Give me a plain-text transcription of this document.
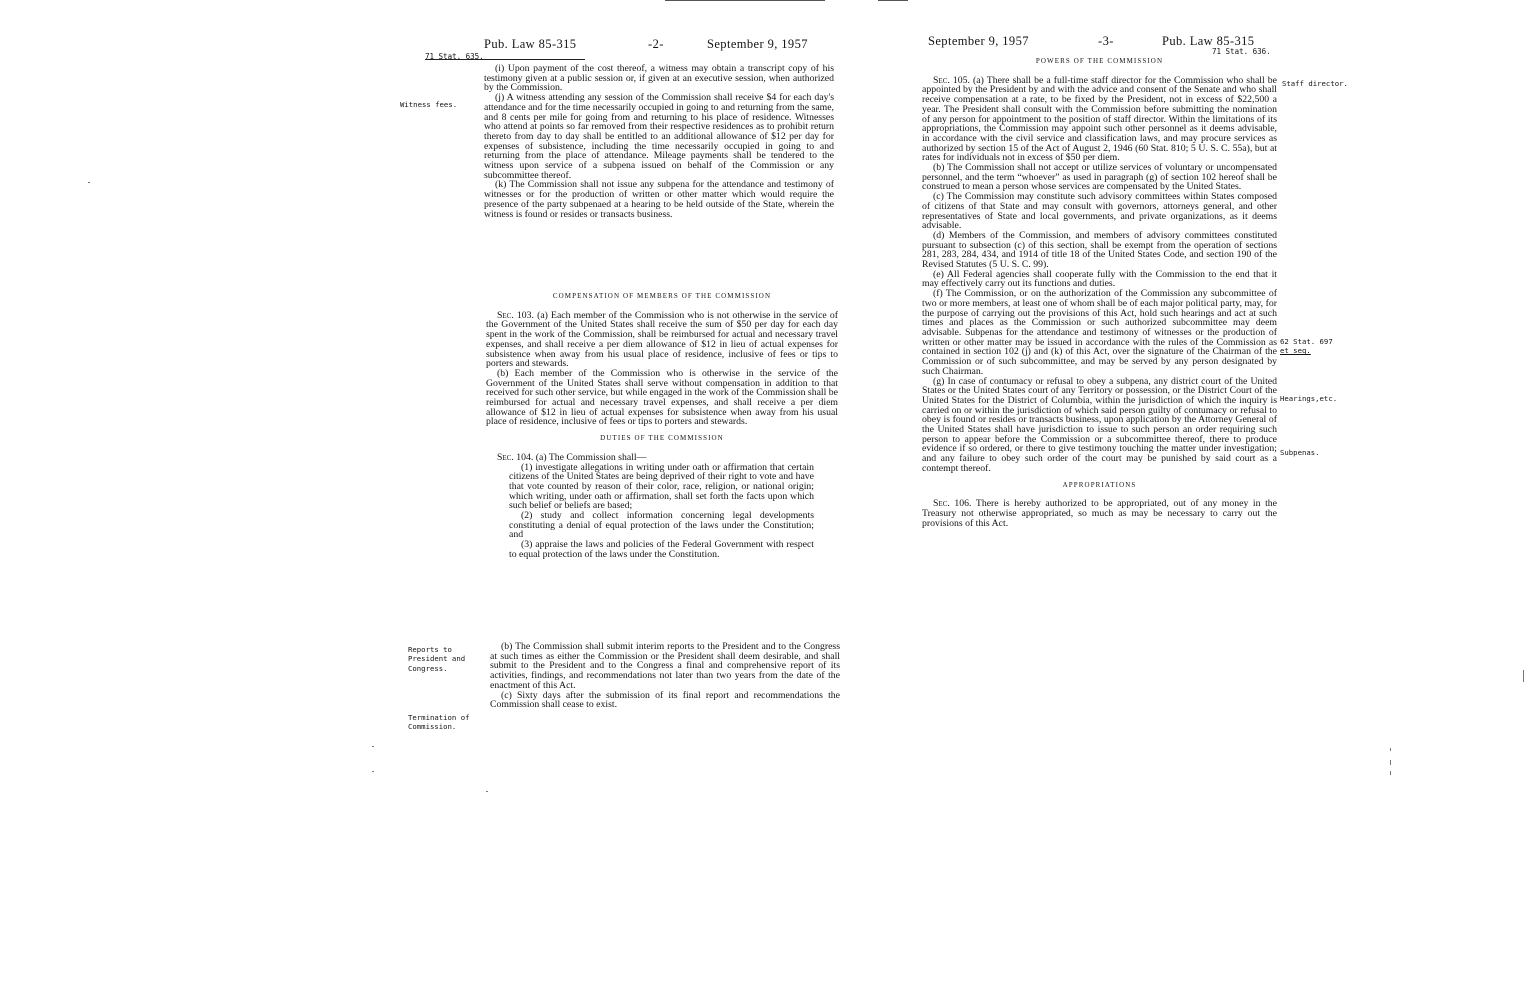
Pub. Law 85-315	-2-	September 9, 1957
71 Stat. 635.
Witness fees.
Reports to
President and
Congress.
Termination of
Commission.

(i) Upon payment of the cost thereof, a witness may obtain a transcript copy of his testimony given at a public session or, if given at an executive session, when authorized by the Commission.

(j) A witness attending any session of the Commission shall receive $4 for each day's attendance and for the time necessarily occupied in going to and returning from the same, and 8 cents per mile for going from and returning to his place of residence. Witnesses who attend at points so far removed from their respective residences as to prohibit return thereto from day to day shall be entitled to an additional allowance of $12 per day for expenses of subsistence, including the time necessarily occupied in going to and returning from the place of attendance. Mileage payments shall be tendered to the witness upon service of a subpena issued on behalf of the Commission or any subcommittee thereof.

(k) The Commission shall not issue any subpena for the attendance and testimony of witnesses or for the production of written or other matter which would require the presence of the party subpenaed at a hearing to be held outside of the State, wherein the witness is found or resides or transacts business.

COMPENSATION OF MEMBERS OF THE COMMISSION

Sec. 103. (a) Each member of the Commission who is not otherwise in the service of the Government of the United States shall receive the sum of $50 per day for each day spent in the work of the Commission, shall be reimbursed for actual and necessary travel expenses, and shall receive a per diem allowance of $12 in lieu of actual expenses for subsistence when away from his usual place of residence, inclusive of fees or tips to porters and stewards.

(b) Each member of the Commission who is otherwise in the service of the Government of the United States shall serve without compensation in addition to that received for such other service, but while engaged in the work of the Commission shall be reimbursed for actual and necessary travel expenses, and shall receive a per diem allowance of $12 in lieu of actual expenses for subsistence when away from his usual place of residence, inclusive of fees or tips to porters and stewards.

DUTIES OF THE COMMISSION

Sec. 104. (a) The Commission shall—

(1) investigate allegations in writing under oath or affirmation that certain citizens of the United States are being deprived of their right to vote and have that vote counted by reason of their color, race, religion, or national origin; which writing, under oath or affirmation, shall set forth the facts upon which such belief or beliefs are based;

(2) study and collect information concerning legal developments constituting a denial of equal protection of the laws under the Constitution; and

(3) appraise the laws and policies of the Federal Government with respect to equal protection of the laws under the Constitution.

(b) The Commission shall submit interim reports to the President and to the Congress at such times as either the Commission or the President shall deem desirable, and shall submit to the President and to the Congress a final and comprehensive report of its activities, findings, and recommendations not later than two years from the date of the enactment of this Act.

(c) Sixty days after the submission of its final report and recommendations the Commission shall cease to exist.

September 9, 1957	-3-	Pub. Law 85-315
71 Stat. 636.
Staff director.
62 Stat. 697
et seq.
Hearings,etc.
Subpenas.
POWERS OF THE COMMISSION

Sec. 105. (a) There shall be a full-time staff director for the Commission who shall be appointed by the President by and with the advice and consent of the Senate and who shall receive compensation at a rate, to be fixed by the President, not in excess of $22,500 a year. The President shall consult with the Commission before submitting the nomination of any person for appointment to the position of staff director. Within the limitations of its appropriations, the Commission may appoint such other personnel as it deems advisable, in accordance with the civil service and classification laws, and may procure services as authorized by section 15 of the Act of August 2, 1946 (60 Stat. 810; 5 U. S. C. 55a), but at rates for individuals not in excess of $50 per diem.

(b) The Commission shall not accept or utilize services of voluntary or uncompensated personnel, and the term “whoever” as used in paragraph (g) of section 102 hereof shall be construed to mean a person whose services are compensated by the United States.

(c) The Commission may constitute such advisory committees within States composed of citizens of that State and may consult with governors, attorneys general, and other representatives of State and local governments, and private organizations, as it deems advisable.

(d) Members of the Commission, and members of advisory committees constituted pursuant to subsection (c) of this section, shall be exempt from the operation of sections 281, 283, 284, 434, and 1914 of title 18 of the United States Code, and section 190 of the Revised Statutes (5 U. S. C. 99).

(e) All Federal agencies shall cooperate fully with the Commission to the end that it may effectively carry out its functions and duties.

(f) The Commission, or on the authorization of the Commission any subcommittee of two or more members, at least one of whom shall be of each major political party, may, for the purpose of carrying out the provisions of this Act, hold such hearings and act at such times and places as the Commission or such authorized subcommittee may deem advisable. Subpenas for the attendance and testimony of witnesses or the production of written or other matter may be issued in accordance with the rules of the Commission as contained in section 102 (j) and (k) of this Act, over the signature of the Chairman of the Commission or of such subcommittee, and may be served by any person designated by such Chairman.

(g) In case of contumacy or refusal to obey a subpena, any district court of the United States or the United States court of any Territory or possession, or the District Court of the United States for the District of Columbia, within the jurisdiction of which the inquiry is carried on or within the jurisdiction of which said person guilty of contumacy or refusal to obey is found or resides or transacts business, upon application by the Attorney General of the United States shall have jurisdiction to issue to such person an order requiring such person to appear before the Commission or a subcommittee thereof, there to produce evidence if so ordered, or there to give testimony touching the matter under investigation; and any failure to obey such order of the court may be punished by said court as a contempt thereof.

APPROPRIATIONS

Sec. 106. There is hereby authorized to be appropriated, out of any money in the Treasury not otherwise appropriated, so much as may be necessary to carry out the provisions of this Act.
